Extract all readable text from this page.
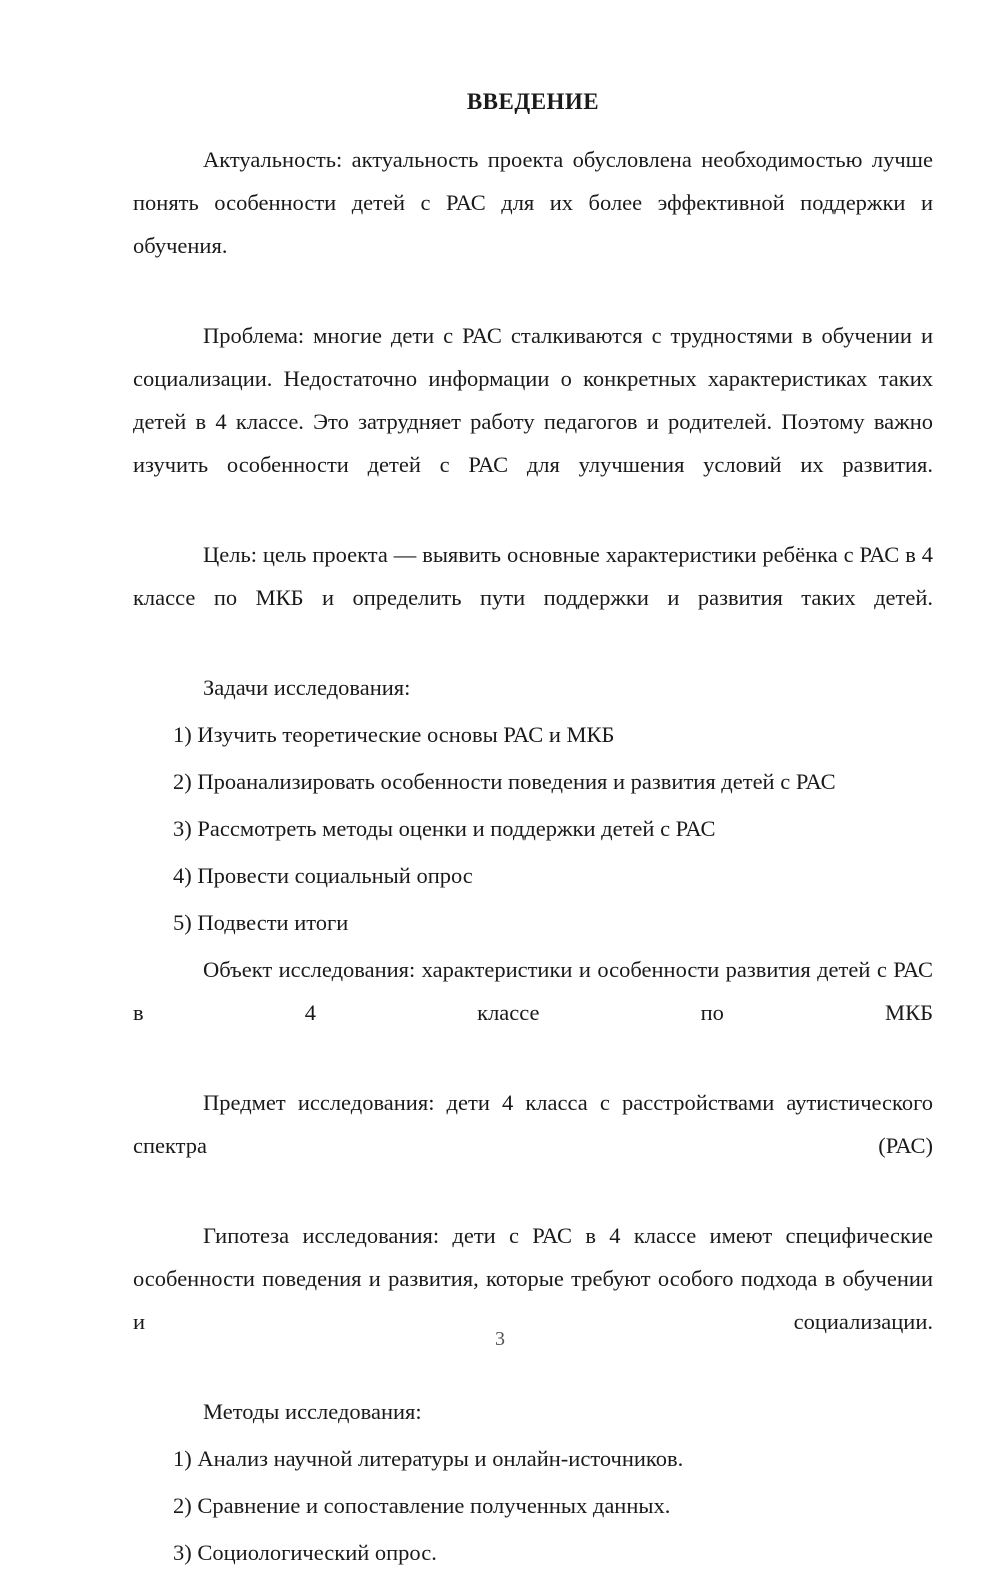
ВВЕДЕНИЕ

Актуальность: актуальность проекта обусловлена необходимостью лучше понять особенности детей с РАС для их более эффективной поддержки и обучения.

Проблема: многие дети с РАС сталкиваются с трудностями в обучении и социализации. Недостаточно информации о конкретных характеристиках таких детей в 4 классе. Это затрудняет работу педагогов и родителей. Поэтому важно изучить особенности детей с РАС для улучшения условий их развития.

Цель: цель проекта — выявить основные характеристики ребёнка с РАС в 4 классе по МКБ и определить пути поддержки и развития таких детей.

Задачи исследования:

1) Изучить теоретические основы РАС и МКБ

2) Проанализировать особенности поведения и развития детей с РАС

3) Рассмотреть методы оценки и поддержки детей с РАС

4) Провести социальный опрос

5) Подвести итоги

Объект исследования: характеристики и особенности развития детей с РАС в 4 классе по МКБ

Предмет исследования: дети 4 класса с расстройствами аутистического спектра (РАС)

Гипотеза исследования: дети с РАС в 4 классе имеют специфические особенности поведения и развития, которые требуют особого подхода в обучении и социализации.

Методы исследования:

1) Анализ научной литературы и онлайн-источников.

2) Сравнение и сопоставление полученных данных.

3) Социологический опрос.

3
